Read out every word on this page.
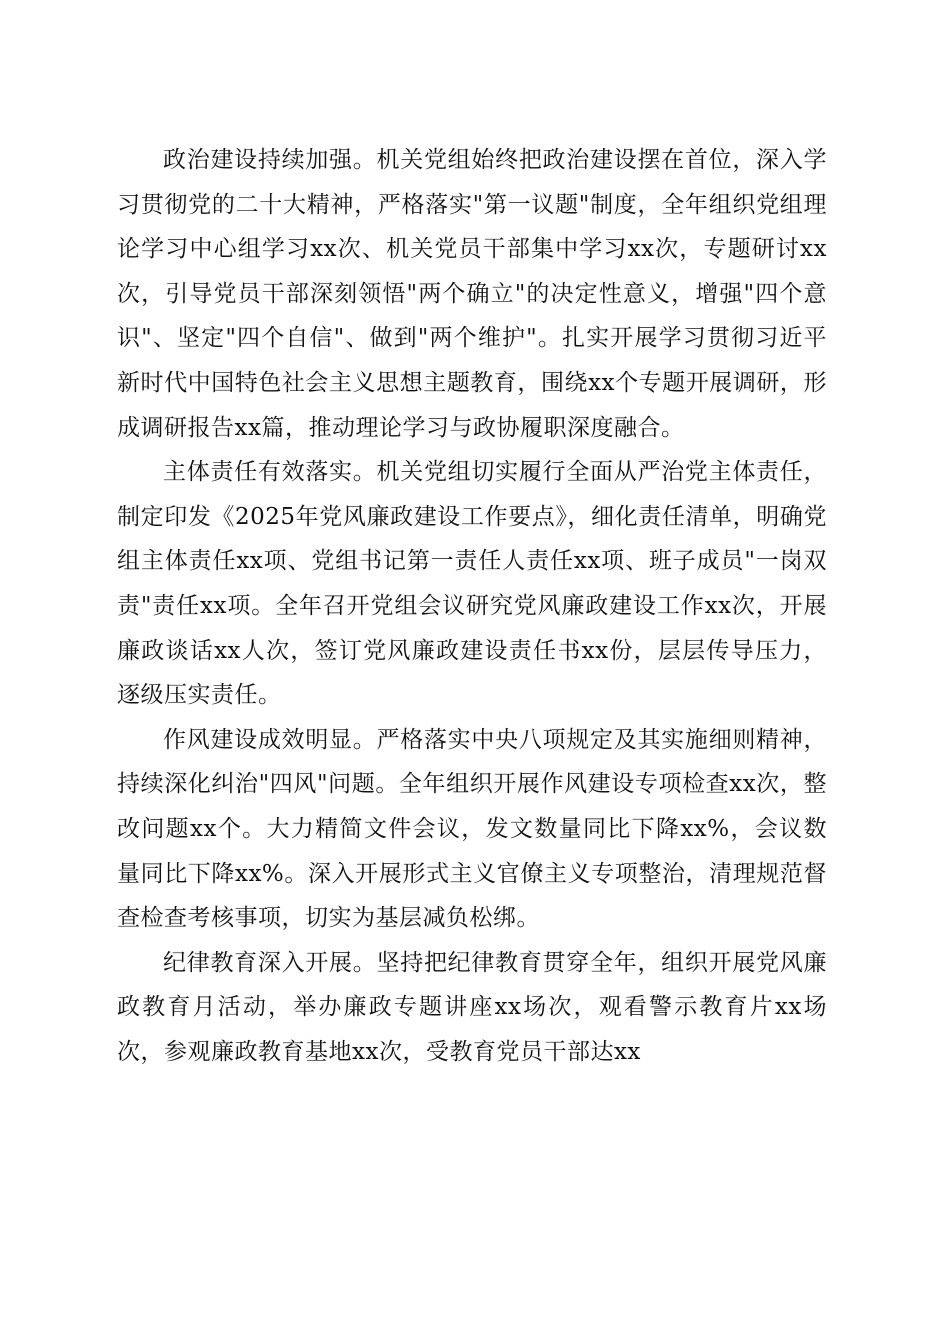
政治建设持续加强。机关党组始终把政治建设摆在首位，深入学习贯彻党的二十大精神，严格落实"第一议题"制度，全年组织党组理论学习中心组学习xx次、机关党员干部集中学习xx次，专题研讨xx次，引导党员干部深刻领悟"两个确立"的决定性意义，增强"四个意识"、坚定"四个自信"、做到"两个维护"。扎实开展学习贯彻习近平新时代中国特色社会主义思想主题教育，围绕xx个专题开展调研，形成调研报告xx篇，推动理论学习与政协履职深度融合。

主体责任有效落实。机关党组切实履行全面从严治党主体责任，制定印发《2025年党风廉政建设工作要点》，细化责任清单，明确党组主体责任xx项、党组书记第一责任人责任xx项、班子成员"一岗双责"责任xx项。全年召开党组会议研究党风廉政建设工作xx次，开展廉政谈话xx人次，签订党风廉政建设责任书xx份，层层传导压力，逐级压实责任。

作风建设成效明显。严格落实中央八项规定及其实施细则精神，持续深化纠治"四风"问题。全年组织开展作风建设专项检查xx次，整改问题xx个。大力精简文件会议，发文数量同比下降xx%，会议数量同比下降xx%。深入开展形式主义官僚主义专项整治，清理规范督查检查考核事项，切实为基层减负松绑。

纪律教育深入开展。坚持把纪律教育贯穿全年，组织开展党风廉政教育月活动，举办廉政专题讲座xx场次，观看警示教育片xx场次，参观廉政教育基地xx次，受教育党员干部达xx
